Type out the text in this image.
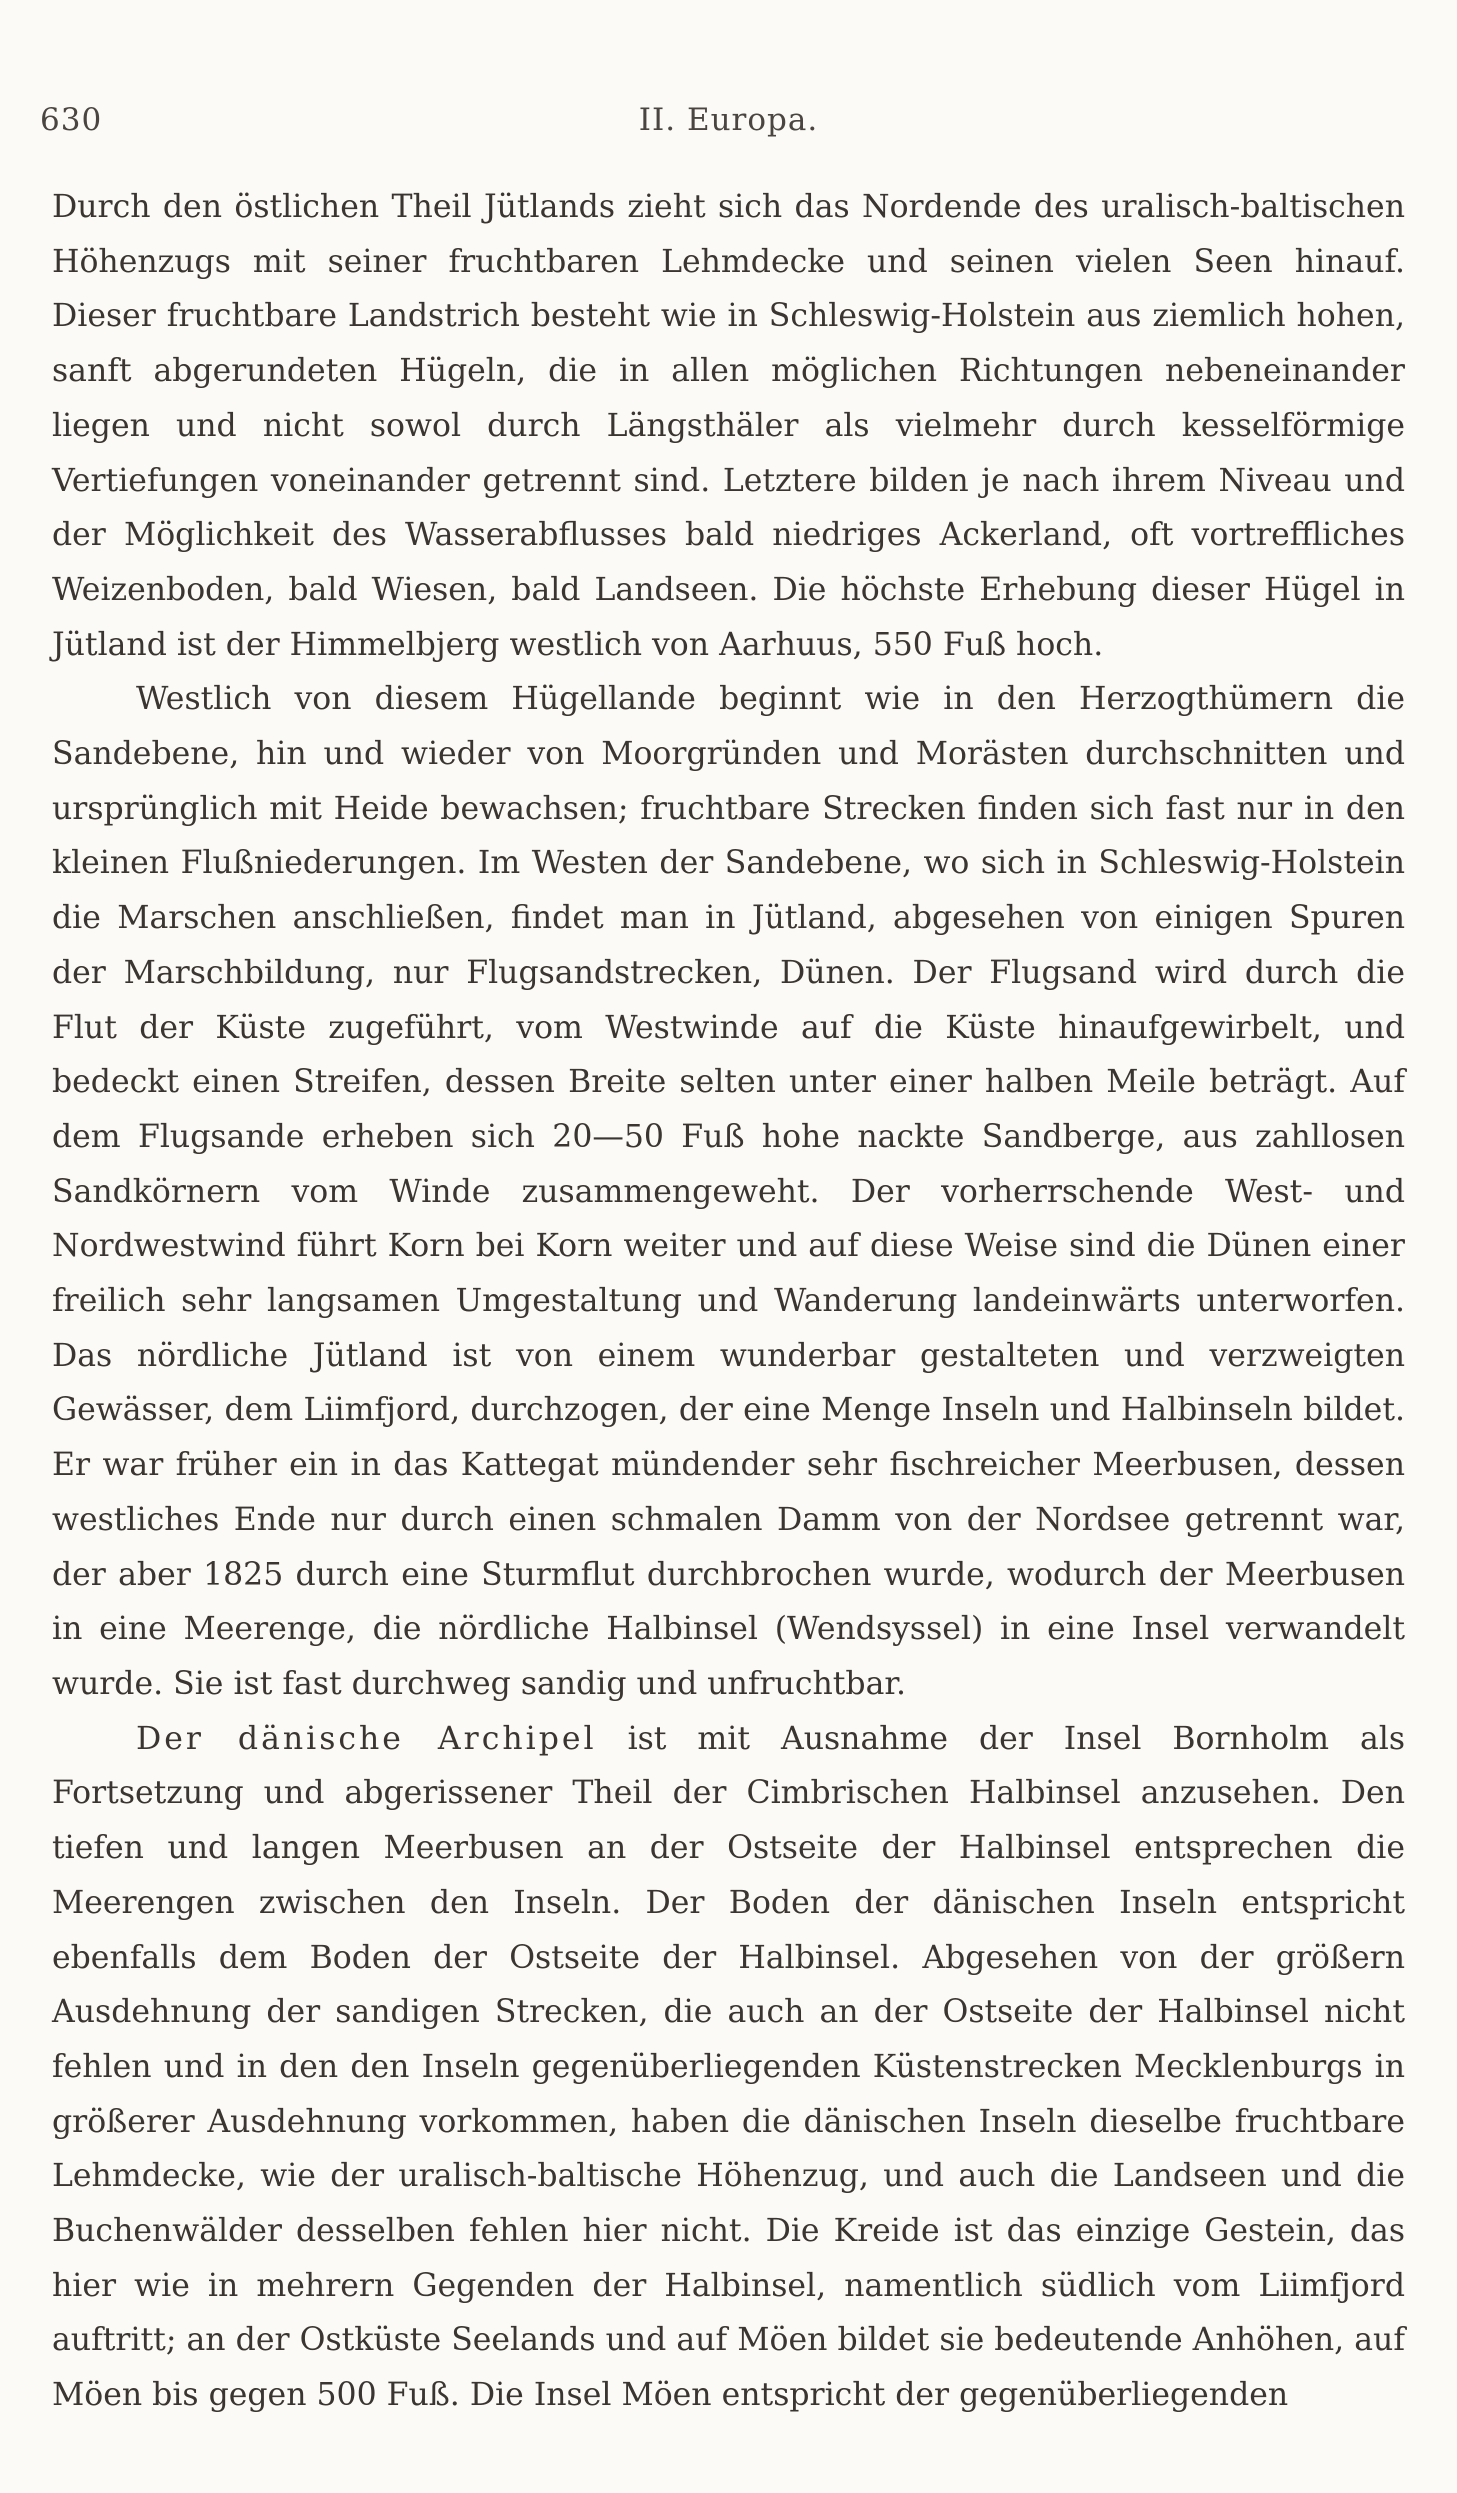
630	II. Europa.

Durch den östlichen Theil Jütlands zieht sich das Nordende des uralisch-baltischen Höhenzugs mit seiner fruchtbaren Lehmdecke und seinen vielen Seen hinauf. Dieser fruchtbare Landstrich besteht wie in Schleswig-Holstein aus ziemlich hohen, sanft abgerundeten Hügeln, die in allen möglichen Richtungen nebeneinander liegen und nicht sowol durch Längsthäler als vielmehr durch kesselförmige Vertiefungen voneinander getrennt sind. Letztere bilden je nach ihrem Niveau und der Möglichkeit des Wasserabflusses bald niedriges Ackerland, oft vortreffliches Weizenboden, bald Wiesen, bald Landseen. Die höchste Erhebung dieser Hügel in Jütland ist der Himmelbjerg westlich von Aarhuus, 550 Fuß hoch.

Westlich von diesem Hügellande beginnt wie in den Herzogthümern die Sandebene, hin und wieder von Moorgründen und Morästen durchschnitten und ursprünglich mit Heide bewachsen; fruchtbare Strecken finden sich fast nur in den kleinen Flußniederungen. Im Westen der Sandebene, wo sich in Schleswig-Holstein die Marschen anschließen, findet man in Jütland, abgesehen von einigen Spuren der Marschbildung, nur Flugsandstrecken, Dünen. Der Flugsand wird durch die Flut der Küste zugeführt, vom Westwinde auf die Küste hinaufgewirbelt, und bedeckt einen Streifen, dessen Breite selten unter einer halben Meile beträgt. Auf dem Flugsande erheben sich 20—50 Fuß hohe nackte Sandberge, aus zahllosen Sandkörnern vom Winde zusammengeweht. Der vorherrschende West- und Nordwestwind führt Korn bei Korn weiter und auf diese Weise sind die Dünen einer freilich sehr langsamen Umgestaltung und Wanderung landeinwärts unterworfen. Das nördliche Jütland ist von einem wunderbar gestalteten und verzweigten Gewässer, dem Liimfjord, durchzogen, der eine Menge Inseln und Halbinseln bildet. Er war früher ein in das Kattegat mündender sehr fischreicher Meerbusen, dessen westliches Ende nur durch einen schmalen Damm von der Nordsee getrennt war, der aber 1825 durch eine Sturmflut durchbrochen wurde, wodurch der Meerbusen in eine Meerenge, die nördliche Halbinsel (Wendsyssel) in eine Insel verwandelt wurde. Sie ist fast durchweg sandig und unfruchtbar.

Der dänische Archipel ist mit Ausnahme der Insel Bornholm als Fortsetzung und abgerissener Theil der Cimbrischen Halbinsel anzusehen. Den tiefen und langen Meerbusen an der Ostseite der Halbinsel entsprechen die Meerengen zwischen den Inseln. Der Boden der dänischen Inseln entspricht ebenfalls dem Boden der Ostseite der Halbinsel. Abgesehen von der größern Ausdehnung der sandigen Strecken, die auch an der Ostseite der Halbinsel nicht fehlen und in den den Inseln gegenüberliegenden Küstenstrecken Mecklenburgs in größerer Ausdehnung vorkommen, haben die dänischen Inseln dieselbe fruchtbare Lehmdecke, wie der uralisch-baltische Höhenzug, und auch die Landseen und die Buchenwälder desselben fehlen hier nicht. Die Kreide ist das einzige Gestein, das hier wie in mehrern Gegenden der Halbinsel, namentlich südlich vom Liimfjord auftritt; an der Ostküste Seelands und auf Möen bildet sie bedeutende Anhöhen, auf Möen bis gegen 500 Fuß. Die Insel Möen entspricht der gegenüberliegenden
